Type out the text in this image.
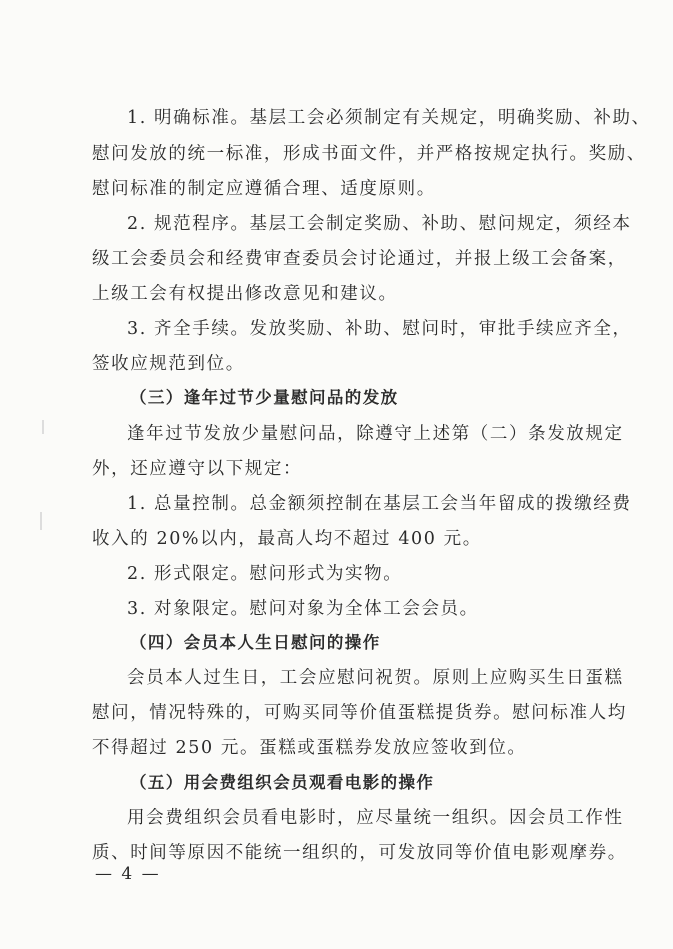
1. 明确标准。基层工会必须制定有关规定，明确奖励、补助、
慰问发放的统一标准，形成书面文件，并严格按规定执行。奖励、
慰问标准的制定应遵循合理、适度原则。
2. 规范程序。基层工会制定奖励、补助、慰问规定，须经本
级工会委员会和经费审查委员会讨论通过，并报上级工会备案，
上级工会有权提出修改意见和建议。
3. 齐全手续。发放奖励、补助、慰问时，审批手续应齐全，
签收应规范到位。
（三）逢年过节少量慰问品的发放
逢年过节发放少量慰问品，除遵守上述第（二）条发放规定
外，还应遵守以下规定：
1. 总量控制。总金额须控制在基层工会当年留成的拨缴经费
收入的 20%以内，最高人均不超过 400 元。
2. 形式限定。慰问形式为实物。
3. 对象限定。慰问对象为全体工会会员。
（四）会员本人生日慰问的操作
会员本人过生日，工会应慰问祝贺。原则上应购买生日蛋糕
慰问，情况特殊的，可购买同等价值蛋糕提货券。慰问标准人均
不得超过 250 元。蛋糕或蛋糕券发放应签收到位。
（五）用会费组织会员观看电影的操作
用会费组织会员看电影时，应尽量统一组织。因会员工作性
质、时间等原因不能统一组织的，可发放同等价值电影观摩券。
— 4 —
